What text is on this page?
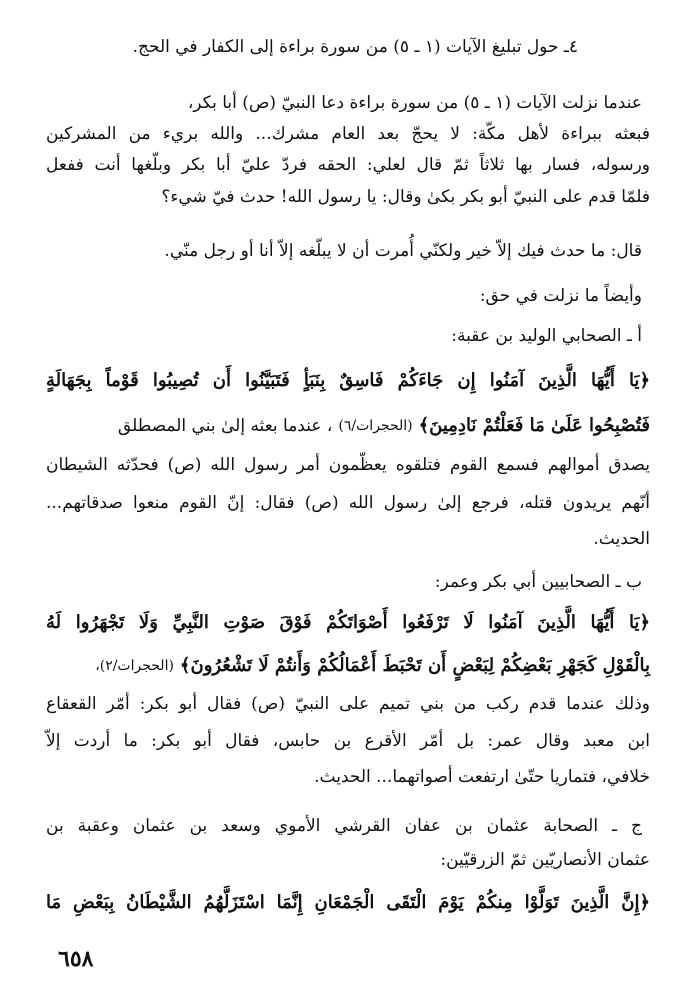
٤ـ حول تبليغ الآيات (١ ـ ٥) من سورة براءة إلى الكفار في الحج.
عندما نزلت الآيات (١ ـ ٥) من سورة براءة دعا النبيّ (ص) أبا بكر،
فبعثه ببراءة لأهل مكّة: لا يحجّ بعد العام مشرك... والله بريء من المشركين
ورسوله، فسار بها ثلاثاً ثمّ قال لعلي: الحقه فردّ عليّ أبا بكر وبلّغها أنت ففعل
فلمّا قدم على النبيّ أبو بكر بكىٰ وقال: يا رسول الله! حدث فيّ شيء؟
قال: ما حدث فيك إلاّ خير ولكنّي أُمرت أن لا يبلّغه إلاّ أنا أو رجل منّي.
وأيضاً ما نزلت في حق:
أ ـ الصحابي الوليد بن عقبة:
﴿يَا أَيُّهَا الَّذِينَ آمَنُوا إِن جَاءَكُمْ فَاسِقٌ بِنَبَأٍ فَتَبَيَّنُوا أَن تُصِيبُوا قَوْماً بِجَهَالَةٍ
فَتُصْبِحُوا عَلَىٰ مَا فَعَلْتُمْ نَادِمِينَ﴾
(الحجرات/٦)
، عندما بعثه إلىٰ بني المصطلق
يصدق أموالهم فسمع القوم فتلقوه يعظّمون أمر رسول الله (ص) فحدّثه الشيطان
أنّهم يريدون قتله، فرجع إلىٰ رسول الله (ص) فقال: إنّ القوم منعوا صدقاتهم...
الحديث.
ب ـ الصحابيين أبي بكر وعمر:
﴿يَا أَيُّهَا الَّذِينَ آمَنُوا لَا تَرْفَعُوا أَصْوَاتَكُمْ فَوْقَ صَوْتِ النَّبِيِّ وَلَا تَجْهَرُوا لَهُ
بِالْقَوْلِ كَجَهْرِ بَعْضِكُمْ لِبَعْضٍ أَن تَحْبَطَ أَعْمَالُكُمْ وَأَنتُمْ لَا تَشْعُرُونَ﴾
(الحجرات/٢)،
وذلك عندما قدم ركب من بني تميم على النبيّ (ص) فقال أبو بكر: أمّر القعقاع
ابن معبد وقال عمر: بل أمّر الأقرع بن حابس، فقال أبو بكر: ما أردت إلاّ
خلافي، فتماريا حتّىٰ ارتفعت أصواتهما... الحديث.
ج ـ الصحابة عثمان بن عفان القرشي الأموي وسعد بن عثمان وعقبة بن
عثمان الأنصاريّين ثمّ الزرقيّين:
﴿إِنَّ الَّذِينَ تَوَلَّوْا مِنكُمْ يَوْمَ الْتَقَى الْجَمْعَانِ إِنَّمَا اسْتَزَلَّهُمُ الشَّيْطَانُ بِبَعْضِ مَا
٦٥٨
